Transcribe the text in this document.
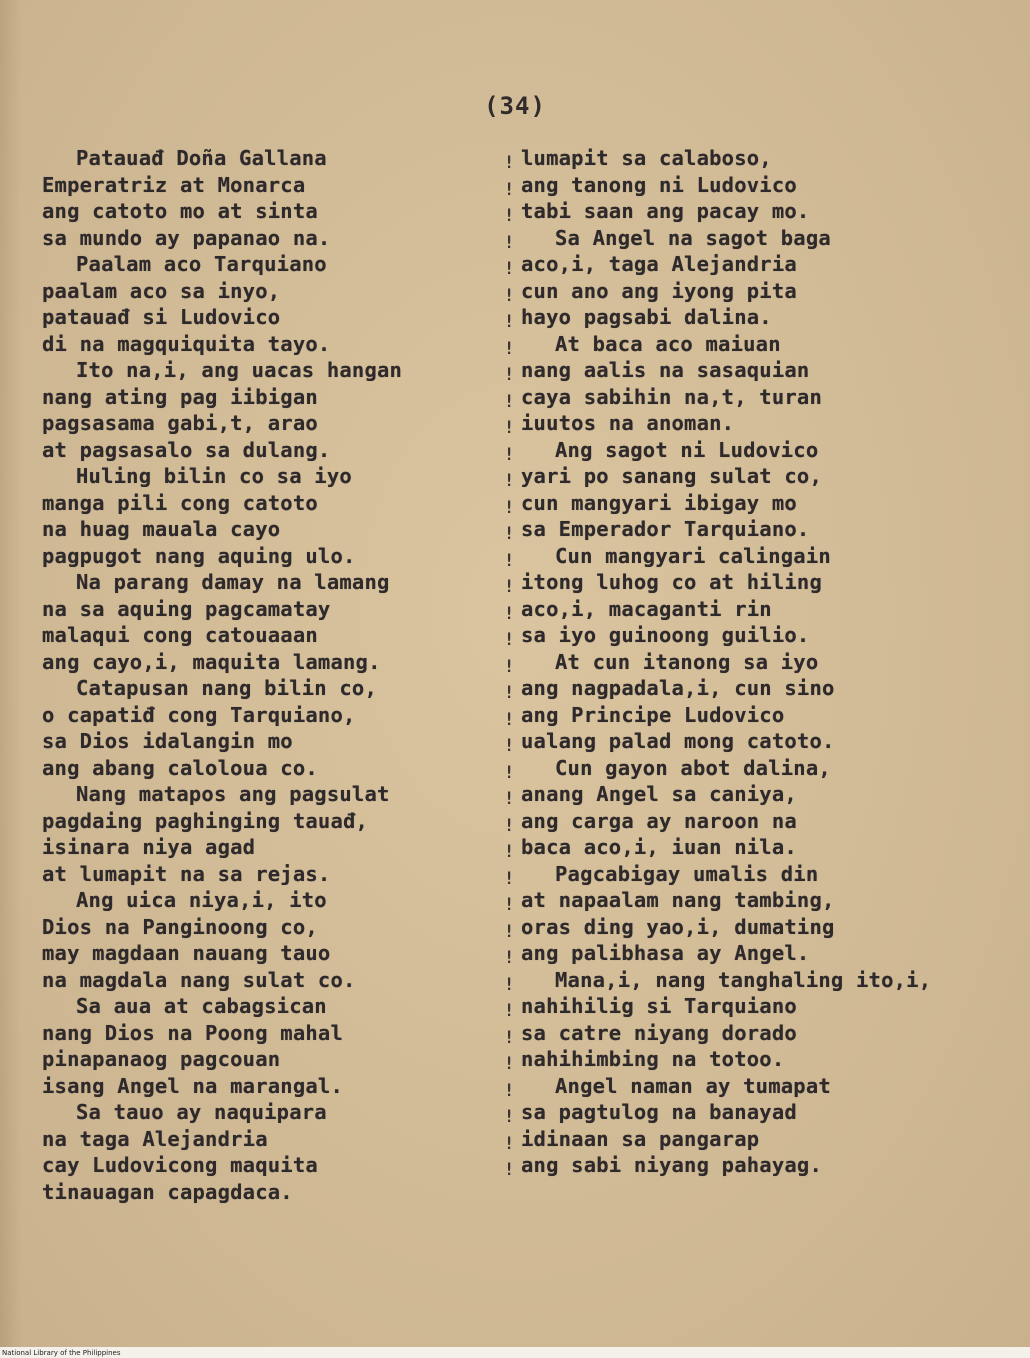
(34)
Patauađ Doña Gallana
Emperatriz at Monarca
ang catoto mo at sinta
sa mundo ay papanao na.
Paalam aco Tarquiano
paalam aco sa inyo,
patauađ si Ludovico
di na magquiquita tayo.
Ito na,i, ang uacas hangan
nang ating pag iibigan
pagsasama gabi,t, arao
at pagsasalo sa dulang.
Huling bilin co sa iyo
manga pili cong catoto
na huag mauala cayo
pagpugot nang aquing ulo.
Na parang damay na lamang
na sa aquing pagcamatay
malaqui cong catouaaan
ang cayo,i, maquita lamang.
Catapusan nang bilin co,
o capatiđ cong Tarquiano,
sa Dios idalangin mo
ang abang caloloua co.
Nang matapos ang pagsulat
pagdaing paghinging tauađ,
isinara niya agad
at lumapit na sa rejas.
Ang uica niya,i, ito
Dios na Panginoong co,
may magdaan nauang tauo
na magdala nang sulat co.
Sa aua at cabagsican
nang Dios na Poong mahal
pinapanaog pagcouan
isang Angel na marangal.
Sa tauo ay naquipara
na taga Alejandria
cay Ludovicong maquita
tinauagan capagdaca.
!
!
!
!
!
!
!
!
!
!
!
!
!
!
!
!
!
!
!
!
!
!
!
!
!
!
!
!
!
!
!
!
!
!
!
!
!
!
!
lumapit sa calaboso,
ang tanong ni Ludovico
tabi saan ang pacay mo.
Sa Angel na sagot baga
aco,i, taga Alejandria
cun ano ang iyong pita
hayo pagsabi dalina.
At baca aco maiuan
nang aalis na sasaquian
caya sabihin na,t, turan
iuutos na anoman.
Ang sagot ni Ludovico
yari po sanang sulat co,
cun mangyari ibigay mo
sa Emperador Tarquiano.
Cun mangyari calingain
itong luhog co at hiling
aco,i, macaganti rin
sa iyo guinoong guilio.
At cun itanong sa iyo
ang nagpadala,i, cun sino
ang Principe Ludovico
ualang palad mong catoto.
Cun gayon abot dalina,
anang Angel sa caniya,
ang carga ay naroon na
baca aco,i, iuan nila.
Pagcabigay umalis din
at napaalam nang tambing,
oras ding yao,i, dumating
ang palibhasa ay Angel.
Mana,i, nang tanghaling ito,i,
nahihilig si Tarquiano
sa catre niyang dorado
nahihimbing na totoo.
Angel naman ay tumapat
sa pagtulog na banayad
idinaan sa pangarap
ang sabi niyang pahayag.
National Library of the Philippines
